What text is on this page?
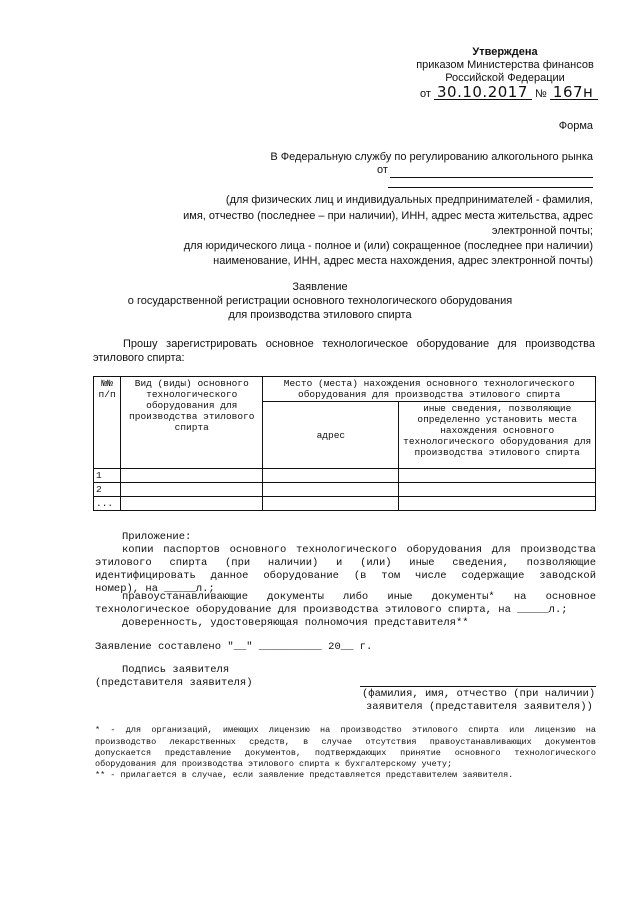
Утверждена
приказом Министерства финансов
Российской Федерации
от 30.10.2017 № 167н
Форма
В Федеральную службу по регулированию алкогольного рынка
от
(для физических лиц и индивидуальных предпринимателей - фамилия,
имя, отчество (последнее – при наличии), ИНН, адрес места жительства, адрес
электронной почты;
для юридического лица - полное и (или) сокращенное (последнее при наличии)
наименование, ИНН, адрес места нахождения, адрес электронной почты)
Заявление
о государственной регистрации основного технологического оборудования
для производства этилового спирта
Прошу зарегистрировать основное технологическое оборудование для производства
этилового спирта:
№№
п/п	Вид (виды) основного технологического оборудования для производства этилового спирта	Место (места) нахождения основного технологического оборудования для производства этилового спирта	
		адрес	иные сведения, позволяющие определенно установить места нахождения основного технологического оборудования для производства этилового спирта
1			
2			
...			
Приложение:
копии паспортов основного технологического оборудования для производства
этилового спирта (при наличии) и (или) иные сведения, позволяющие
идентифицировать данное оборудование (в том числе содержащие заводской
номер), на _____л.;
правоустанавливающие документы либо иные документы* на основное
технологическое оборудование для производства этилового спирта, на _____л.;
доверенность, удостоверяющая полномочия представителя**
Заявление составлено "__" __________ 20__ г.
Подпись заявителя
(представителя заявителя)
(фамилия, имя, отчество (при наличии)
заявителя (представителя заявителя))
* - для организаций, имеющих лицензию на производство этилового спирта или лицензию на
производство лекарственных средств, в случае отсутствия правоустанавливающих документов
допускается представление документов, подтверждающих принятие основного технологического
оборудования для производства этилового спирта к бухгалтерскому учету;
** - прилагается в случае, если заявление представляется представителем заявителя.
